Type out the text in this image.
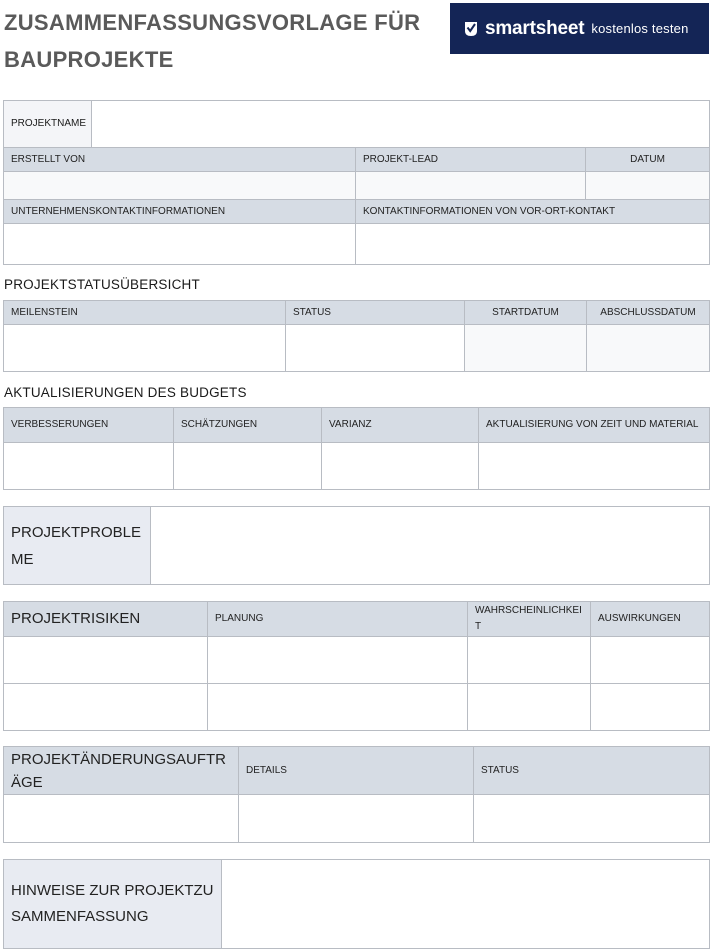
ZUSAMMENFASSUNGSVORLAGE FÜR BAUPROJEKTE
smartsheet kostenlos testen
PROJEKTNAME			
ERSTELLT VON		PROJEKT-LEAD	DATUM

UNTERNEHMENSKONTAKTINFORMATIONEN		KONTAKTINFORMATIONEN VON VOR-ORT-KONTAKT	

PROJEKTSTATUSÜBERSICHT
MEILENSTEIN	STATUS	STARTDATUM	ABSCHLUSSDATUM

AKTUALISIERUNGEN DES BUDGETS
VERBESSERUNGEN	SCHÄTZUNGEN	VARIANZ	AKTUALISIERUNG VON ZEIT UND MATERIAL

PROJEKTPROBLEME	
PROJEKTRISIKEN	PLANUNG	WAHRSCHEINLICHKEIT	AUSWIRKUNGEN

PROJEKTÄNDERUNGSAUFTRÄGE	DETAILS	STATUS

HINWEISE ZUR PROJEKTZUSAMMENFASSUNG	
